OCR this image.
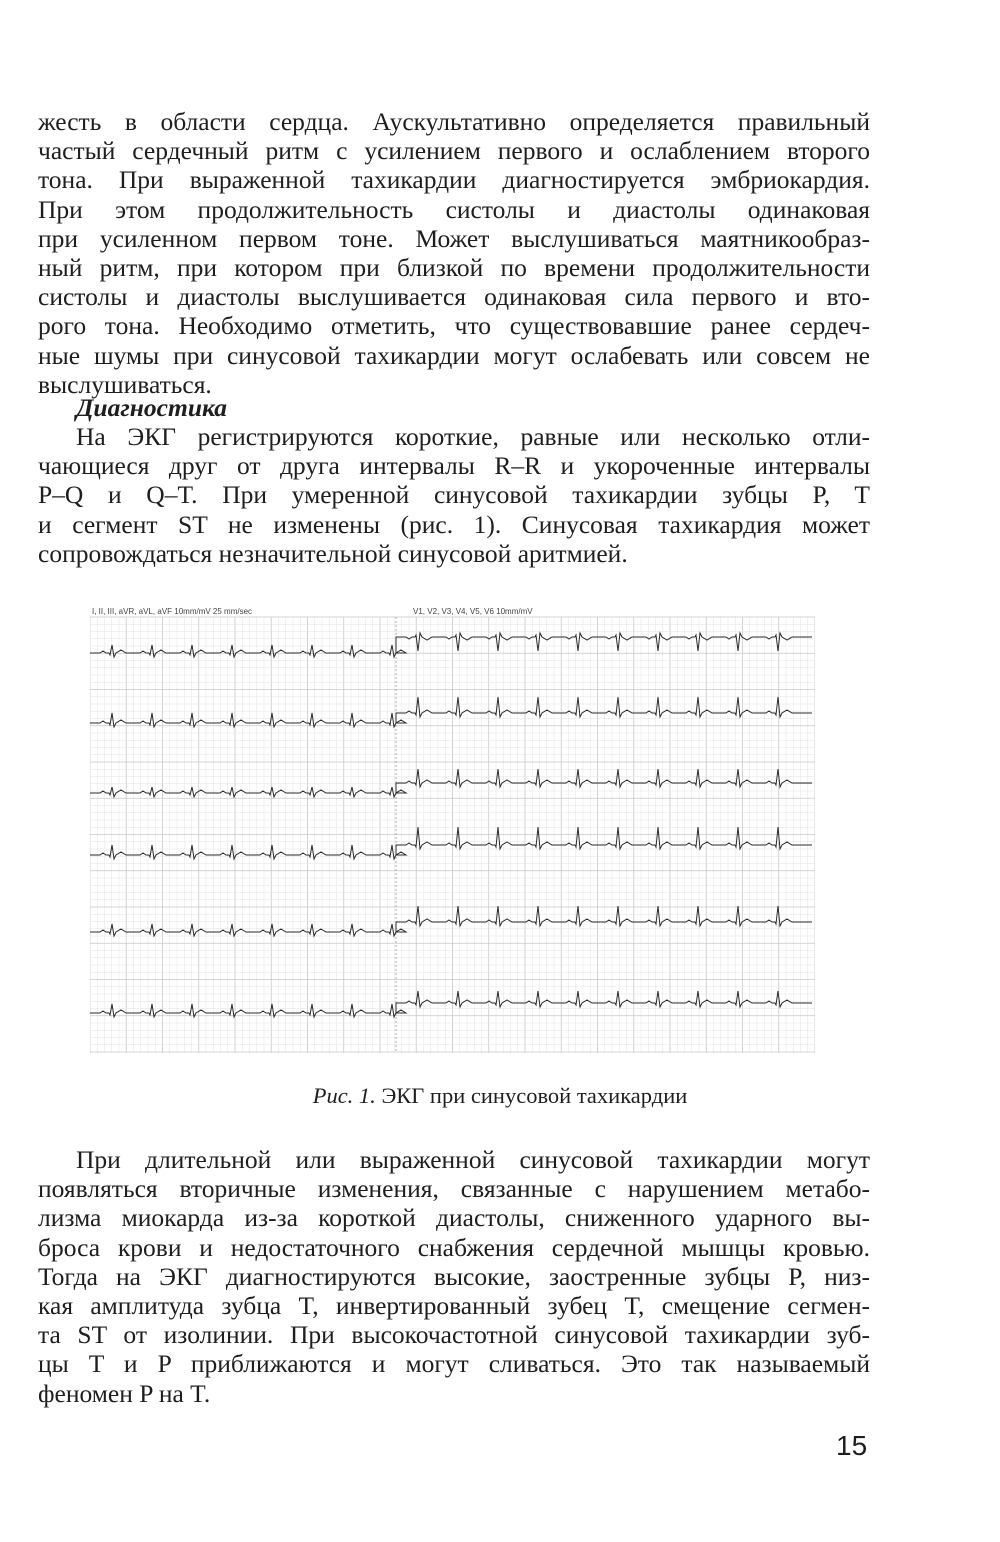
жесть в области сердца. Аускультативно определяется правильный
частый сердечный ритм с усилением первого и ослаблением второго
тона. При выраженной тахикардии диагностируется эмбриокардия.
При этом продолжительность систолы и диастолы одинаковая
при усиленном первом тоне. Может выслушиваться маятникообраз-
ный ритм, при котором при близкой по времени продолжительности
систолы и диастолы выслушивается одинаковая сила первого и вто-
рого тона. Необходимо отметить, что существовавшие ранее сердеч-
ные шумы при синусовой тахикардии могут ослабевать или совсем не
выслушиваться.

Диагностика

На ЭКГ регистрируются короткие, равные или несколько отли-
чающиеся друг от друга интервалы R–R и укороченные интервалы
P–Q и Q–T. При умеренной синусовой тахикардии зубцы P, T
и сегмент ST не изменены (рис. 1). Синусовая тахикардия может
сопровождаться незначительной синусовой аритмией.
I, II, III, aVR, aVL, aVF 10mm/mV 25 mm/sec	V1, V2, V3, V4, V5, V6 10mm/mV

Рис. 1. ЭКГ при синусовой тахикардии

При длительной или выраженной синусовой тахикардии могут
появляться вторичные изменения, связанные с нарушением метабо-
лизма миокарда из-за короткой диастолы, сниженного ударного вы-
броса крови и недостаточного снабжения сердечной мышцы кровью.
Тогда на ЭКГ диагностируются высокие, заостренные зубцы P, низ-
кая амплитуда зубца T, инвертированный зубец T, смещение сегмен-
та ST от изолинии. При высокочастотной синусовой тахикардии зуб-
цы T и P приближаются и могут сливаться. Это так называемый
феномен P на T.

15
